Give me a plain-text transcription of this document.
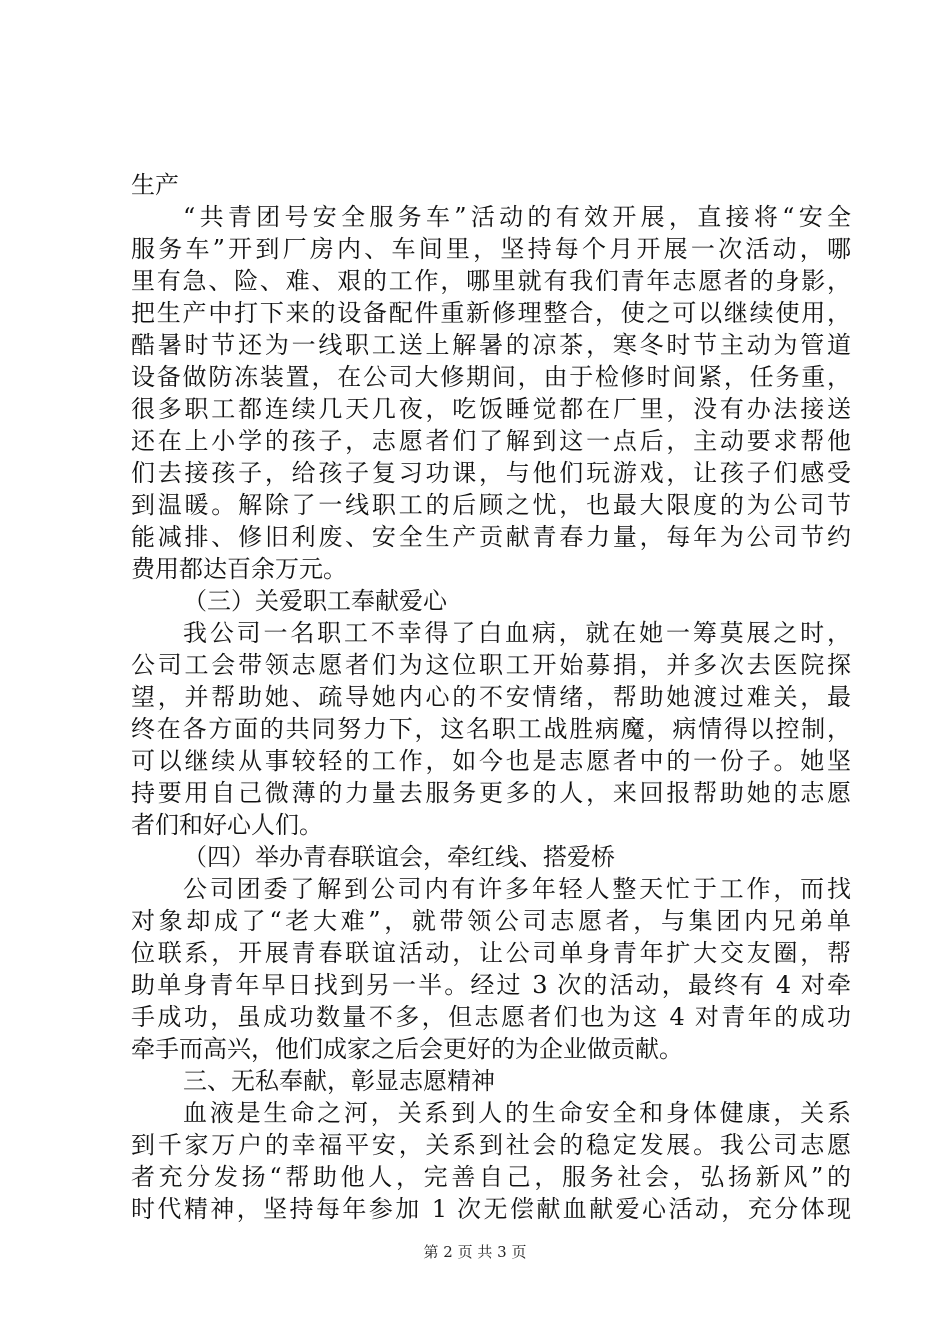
生产
“共青团号安全服务车”活动的有效开展，直接将“安全
服务车”开到厂房内、车间里，坚持每个月开展一次活动，哪
里有急、险、难、艰的工作，哪里就有我们青年志愿者的身影，
把生产中打下来的设备配件重新修理整合，使之可以继续使用，
酷暑时节还为一线职工送上解暑的凉茶，寒冬时节主动为管道
设备做防冻装置，在公司大修期间，由于检修时间紧，任务重，
很多职工都连续几天几夜，吃饭睡觉都在厂里，没有办法接送
还在上小学的孩子，志愿者们了解到这一点后，主动要求帮他
们去接孩子，给孩子复习功课，与他们玩游戏，让孩子们感受
到温暖。解除了一线职工的后顾之忧，也最大限度的为公司节
能减排、修旧利废、安全生产贡献青春力量，每年为公司节约
费用都达百余万元。
（三）关爱职工奉献爱心
我公司一名职工不幸得了白血病，就在她一筹莫展之时，
公司工会带领志愿者们为这位职工开始募捐，并多次去医院探
望，并帮助她、疏导她内心的不安情绪，帮助她渡过难关，最
终在各方面的共同努力下，这名职工战胜病魔，病情得以控制，
可以继续从事较轻的工作，如今也是志愿者中的一份子。她坚
持要用自己微薄的力量去服务更多的人，来回报帮助她的志愿
者们和好心人们。
（四）举办青春联谊会，牵红线、搭爱桥
公司团委了解到公司内有许多年轻人整天忙于工作，而找
对象却成了“老大难”，就带领公司志愿者，与集团内兄弟单
位联系，开展青春联谊活动，让公司单身青年扩大交友圈，帮
助单身青年早日找到另一半。经过 3 次的活动，最终有 4 对牵
手成功，虽成功数量不多，但志愿者们也为这 4 对青年的成功
牵手而高兴，他们成家之后会更好的为企业做贡献。
三、无私奉献，彰显志愿精神
血液是生命之河，关系到人的生命安全和身体健康，关系
到千家万户的幸福平安，关系到社会的稳定发展。我公司志愿
者充分发扬“帮助他人，完善自己，服务社会，弘扬新风”的
时代精神，坚持每年参加 1 次无偿献血献爱心活动，充分体现
第 2 页 共 3 页
